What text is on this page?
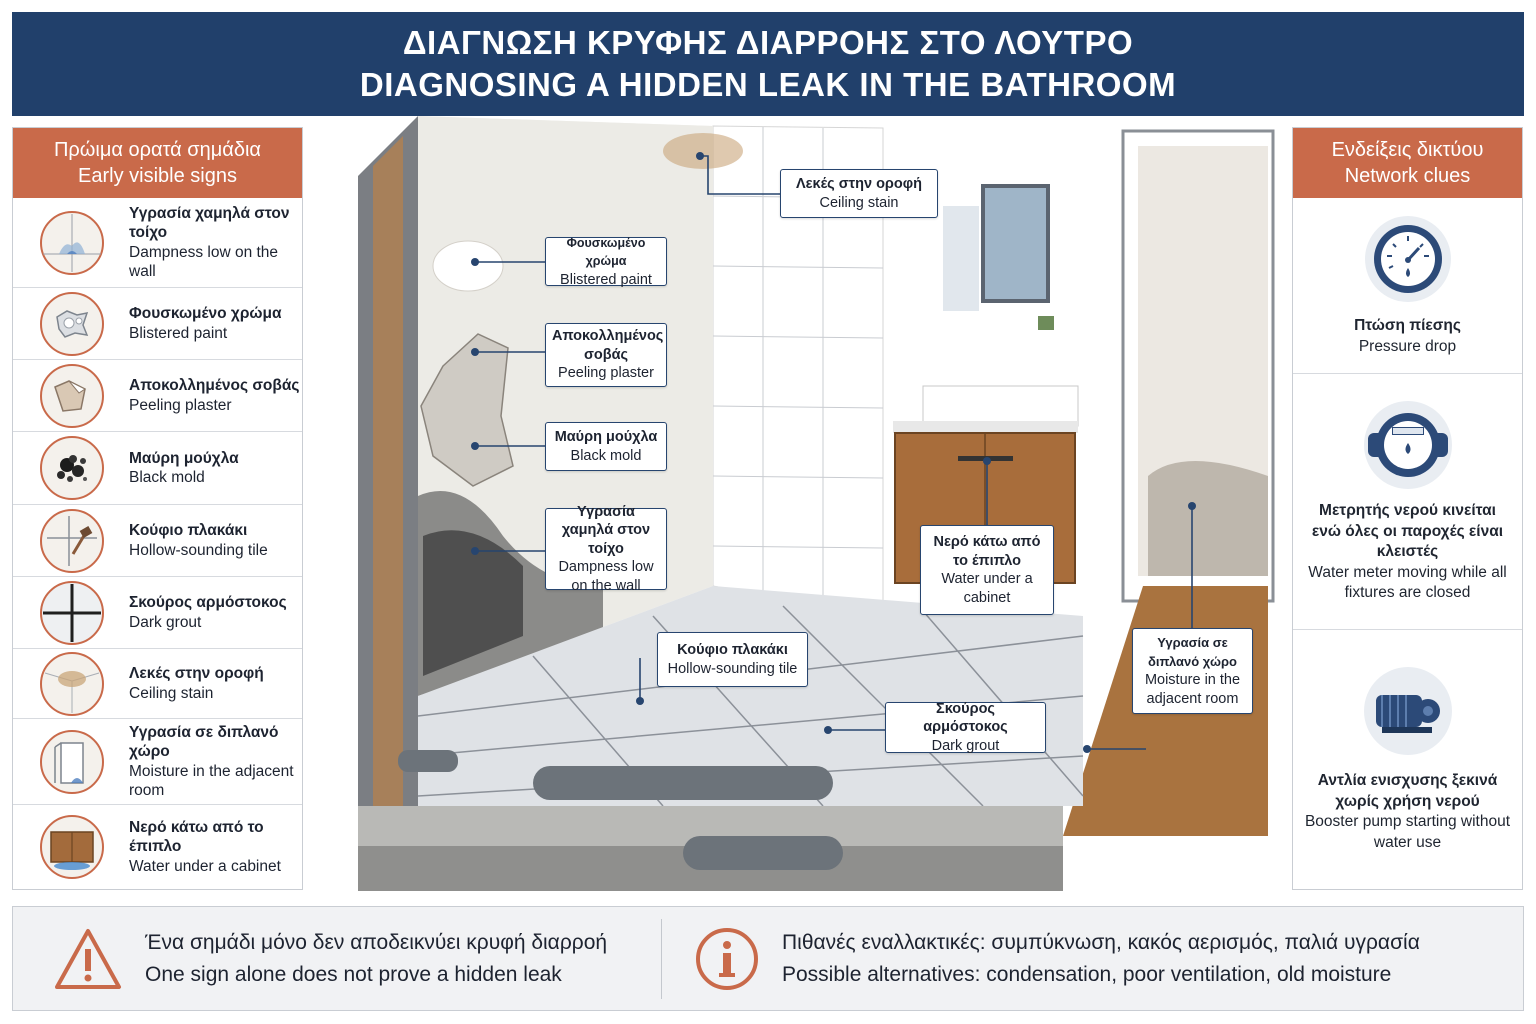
ΔΙΑΓΝΩΣΗ ΚΡΥΦΗΣ ΔΙΑΡΡΟΗΣ ΣΤΟ ΛΟΥΤΡΟ
DIAGNOSING A HIDDEN LEAK IN THE BATHROOM
Πρώιμα ορατά σημάδια
Early visible signs
Υγρασία χαμηλά στον τοίχο
Dampness low on the wall
Φουσκωμένο χρώμα
Blistered paint
Αποκολλημένος σοβάς
Peeling plaster
Μαύρη μούχλα
Black mold
Κούφιο πλακάκι
Hollow-sounding tile
Σκούρος αρμόστοκος
Dark grout
Λεκές στην οροφή
Ceiling stain
Υγρασία σε διπλανό χώρο
Moisture in the adjacent room
Νερό κάτω από το έπιπλο
Water under a cabinet
Λεκές στην οροφή
Ceiling stain
Φουσκωμένο χρώμα
Blistered paint
Αποκολλημένος σοβάς
Peeling plaster
Μαύρη μούχλα
Black mold
Υγρασία χαμηλά στον τοίχο
Dampness low on the wall
Νερό κάτω από το έπιπλο
Water under a cabinet
Κούφιο πλακάκι
Hollow-sounding tile
Σκούρος αρμόστοκος
Dark grout
Υγρασία σε διπλανό χώρο
Moisture in the adjacent room
Ενδείξεις δικτύου
Network clues
Πτώση πίεσης
Pressure drop
Μετρητής νερού κινείται ενώ όλες οι παροχές είναι κλειστές
Water meter moving while all fixtures are closed
Αντλία ενισχυσης ξεκινά χωρίς χρήση νερού
Booster pump starting without water use
Ένα σημάδι μόνο δεν αποδεικνύει κρυφή διαρροή
One sign alone does not prove a hidden leak
Πιθανές εναλλακτικές: συμπύκνωση, κακός αερισμός, παλιά υγρασία
Possible alternatives: condensation, poor ventilation, old moisture
